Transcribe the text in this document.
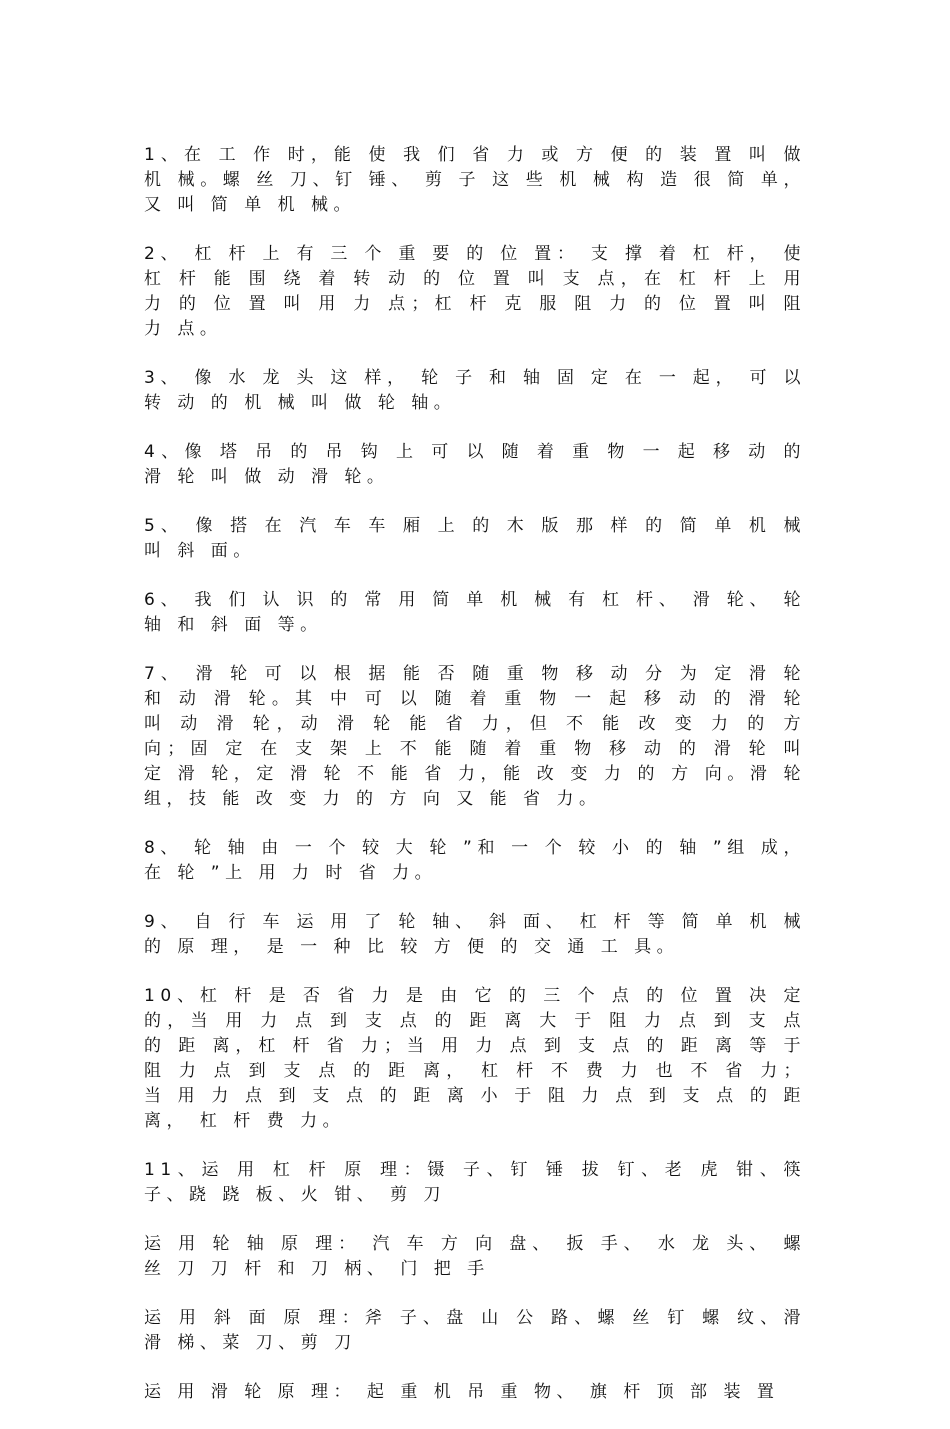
1、在 工 作 时，能 使 我 们 省 力 或 方 便 的 装 置 叫 做 机 械。螺 丝 刀、钉 锤、 剪 子 这 些 机 械 构 造 很 简 单， 又 叫 简 单 机 械。

2、 杠 杆 上 有 三 个 重 要 的 位 置： 支 撑 着 杠 杆， 使 杠 杆 能 围 绕 着 转 动 的 位 置 叫 支 点，在 杠 杆 上 用 力 的 位 置 叫 用 力 点；杠 杆 克 服 阻 力 的 位 置 叫 阻 力 点。

3、 像 水 龙 头 这 样， 轮 子 和 轴 固 定 在 一 起， 可 以 转 动 的 机 械 叫 做 轮 轴。

4、像 塔 吊 的 吊 钩 上 可 以 随 着 重 物 一 起 移 动 的 滑 轮 叫 做 动 滑 轮。

5、 像 搭 在 汽 车 车 厢 上 的 木 版 那 样 的 简 单 机 械 叫 斜 面。

6、 我 们 认 识 的 常 用 简 单 机 械 有 杠 杆、 滑 轮、 轮 轴 和 斜 面 等。

7、 滑 轮 可 以 根 据 能 否 随 重 物 移 动 分 为 定 滑 轮 和 动 滑 轮。其 中 可 以 随 着 重 物 一 起 移 动 的 滑 轮 叫 动 滑 轮，动 滑 轮 能 省 力，但 不 能 改 变 力 的 方 向；固 定 在 支 架 上 不 能 随 着 重 物 移 动 的 滑 轮 叫 定 滑 轮，定 滑 轮 不 能 省 力，能 改 变 力 的 方 向。滑 轮 组，技 能 改 变 力 的 方 向 又 能 省 力。

8、 轮 轴 由 一 个 较 大 轮 ”和 一 个 较 小 的 轴 ”组 成， 在 轮 ”上 用 力 时 省 力。

9、 自 行 车 运 用 了 轮 轴、 斜 面、 杠 杆 等 简 单 机 械 的 原 理， 是 一 种 比 较 方 便 的 交 通 工 具。

10、杠 杆 是 否 省 力 是 由 它 的 三 个 点 的 位 置 决 定 的，当 用 力 点 到 支 点 的 距 离 大 于 阻 力 点 到 支 点 的 距 离，杠 杆 省 力；当 用 力 点 到 支 点 的 距 离 等 于 阻 力 点 到 支 点 的 距 离， 杠 杆 不 费 力 也 不 省 力； 当 用 力 点 到 支 点 的 距 离 小 于 阻 力 点 到 支 点 的 距 离， 杠 杆 费 力。

11、运 用 杠 杆 原 理：镊 子、钉 锤 拔 钉、老 虎 钳、筷 子、跷 跷 板、火 钳、 剪 刀

运 用 轮 轴 原 理： 汽 车 方 向 盘、 扳 手、 水 龙 头、 螺 丝 刀 刀 杆 和 刀 柄、 门 把 手

运 用 斜 面 原 理：斧 子、盘 山 公 路、螺 丝 钉 螺 纹、滑 滑 梯、菜 刀、剪 刀

运 用 滑 轮 原 理： 起 重 机 吊 重 物、 旗 杆 顶 部 装 置
